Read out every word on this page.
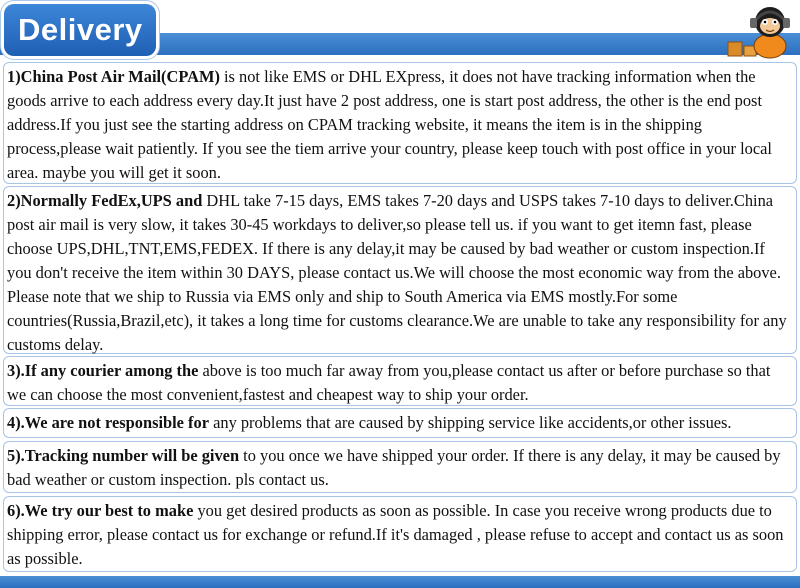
Delivery
1)China Post Air Mail(CPAM) is not like EMS or DHL EXpress, it does not have tracking information when the goods arrive to each address every day.It just have 2 post address, one is start post address, the other is the end post address.If you just see the starting address on CPAM tracking website, it means the item is in the shipping process,please wait patiently. If you see the tiem arrive your country, please keep touch with post office in your local area. maybe you will get it soon.
2)Normally FedEx,UPS and DHL take 7-15 days, EMS takes 7-20 days and USPS takes 7-10 days to deliver.China post air mail is very slow, it takes 30-45 workdays to deliver,so please tell us. if you want to get itemn fast, please choose UPS,DHL,TNT,EMS,FEDEX. If there is any delay,it may be caused by bad weather or custom inspection.If you don't receive the item within 30 DAYS, please contact us.We will choose the most economic way from the above. Please note that we ship to Russia via EMS only and ship to South America via EMS mostly.For some countries(Russia,Brazil,etc), it takes a long time for customs clearance.We are unable to take any responsibility for any customs delay.
3).If any courier among the above is too much far away from you,please contact us after or before purchase so that we can choose the most convenient,fastest and cheapest way to ship your order.
4).We are not responsible for any problems that are caused by shipping service like accidents,or other issues.
5).Tracking number will be given to you once we have shipped your order. If there is any delay, it may be caused by bad weather or custom inspection. pls contact us.
6).We try our best to make you get desired products as soon as possible. In case you receive wrong products due to shipping error, please contact us for exchange or refund.If it's damaged , please refuse to accept and contact us as soon as possible.
